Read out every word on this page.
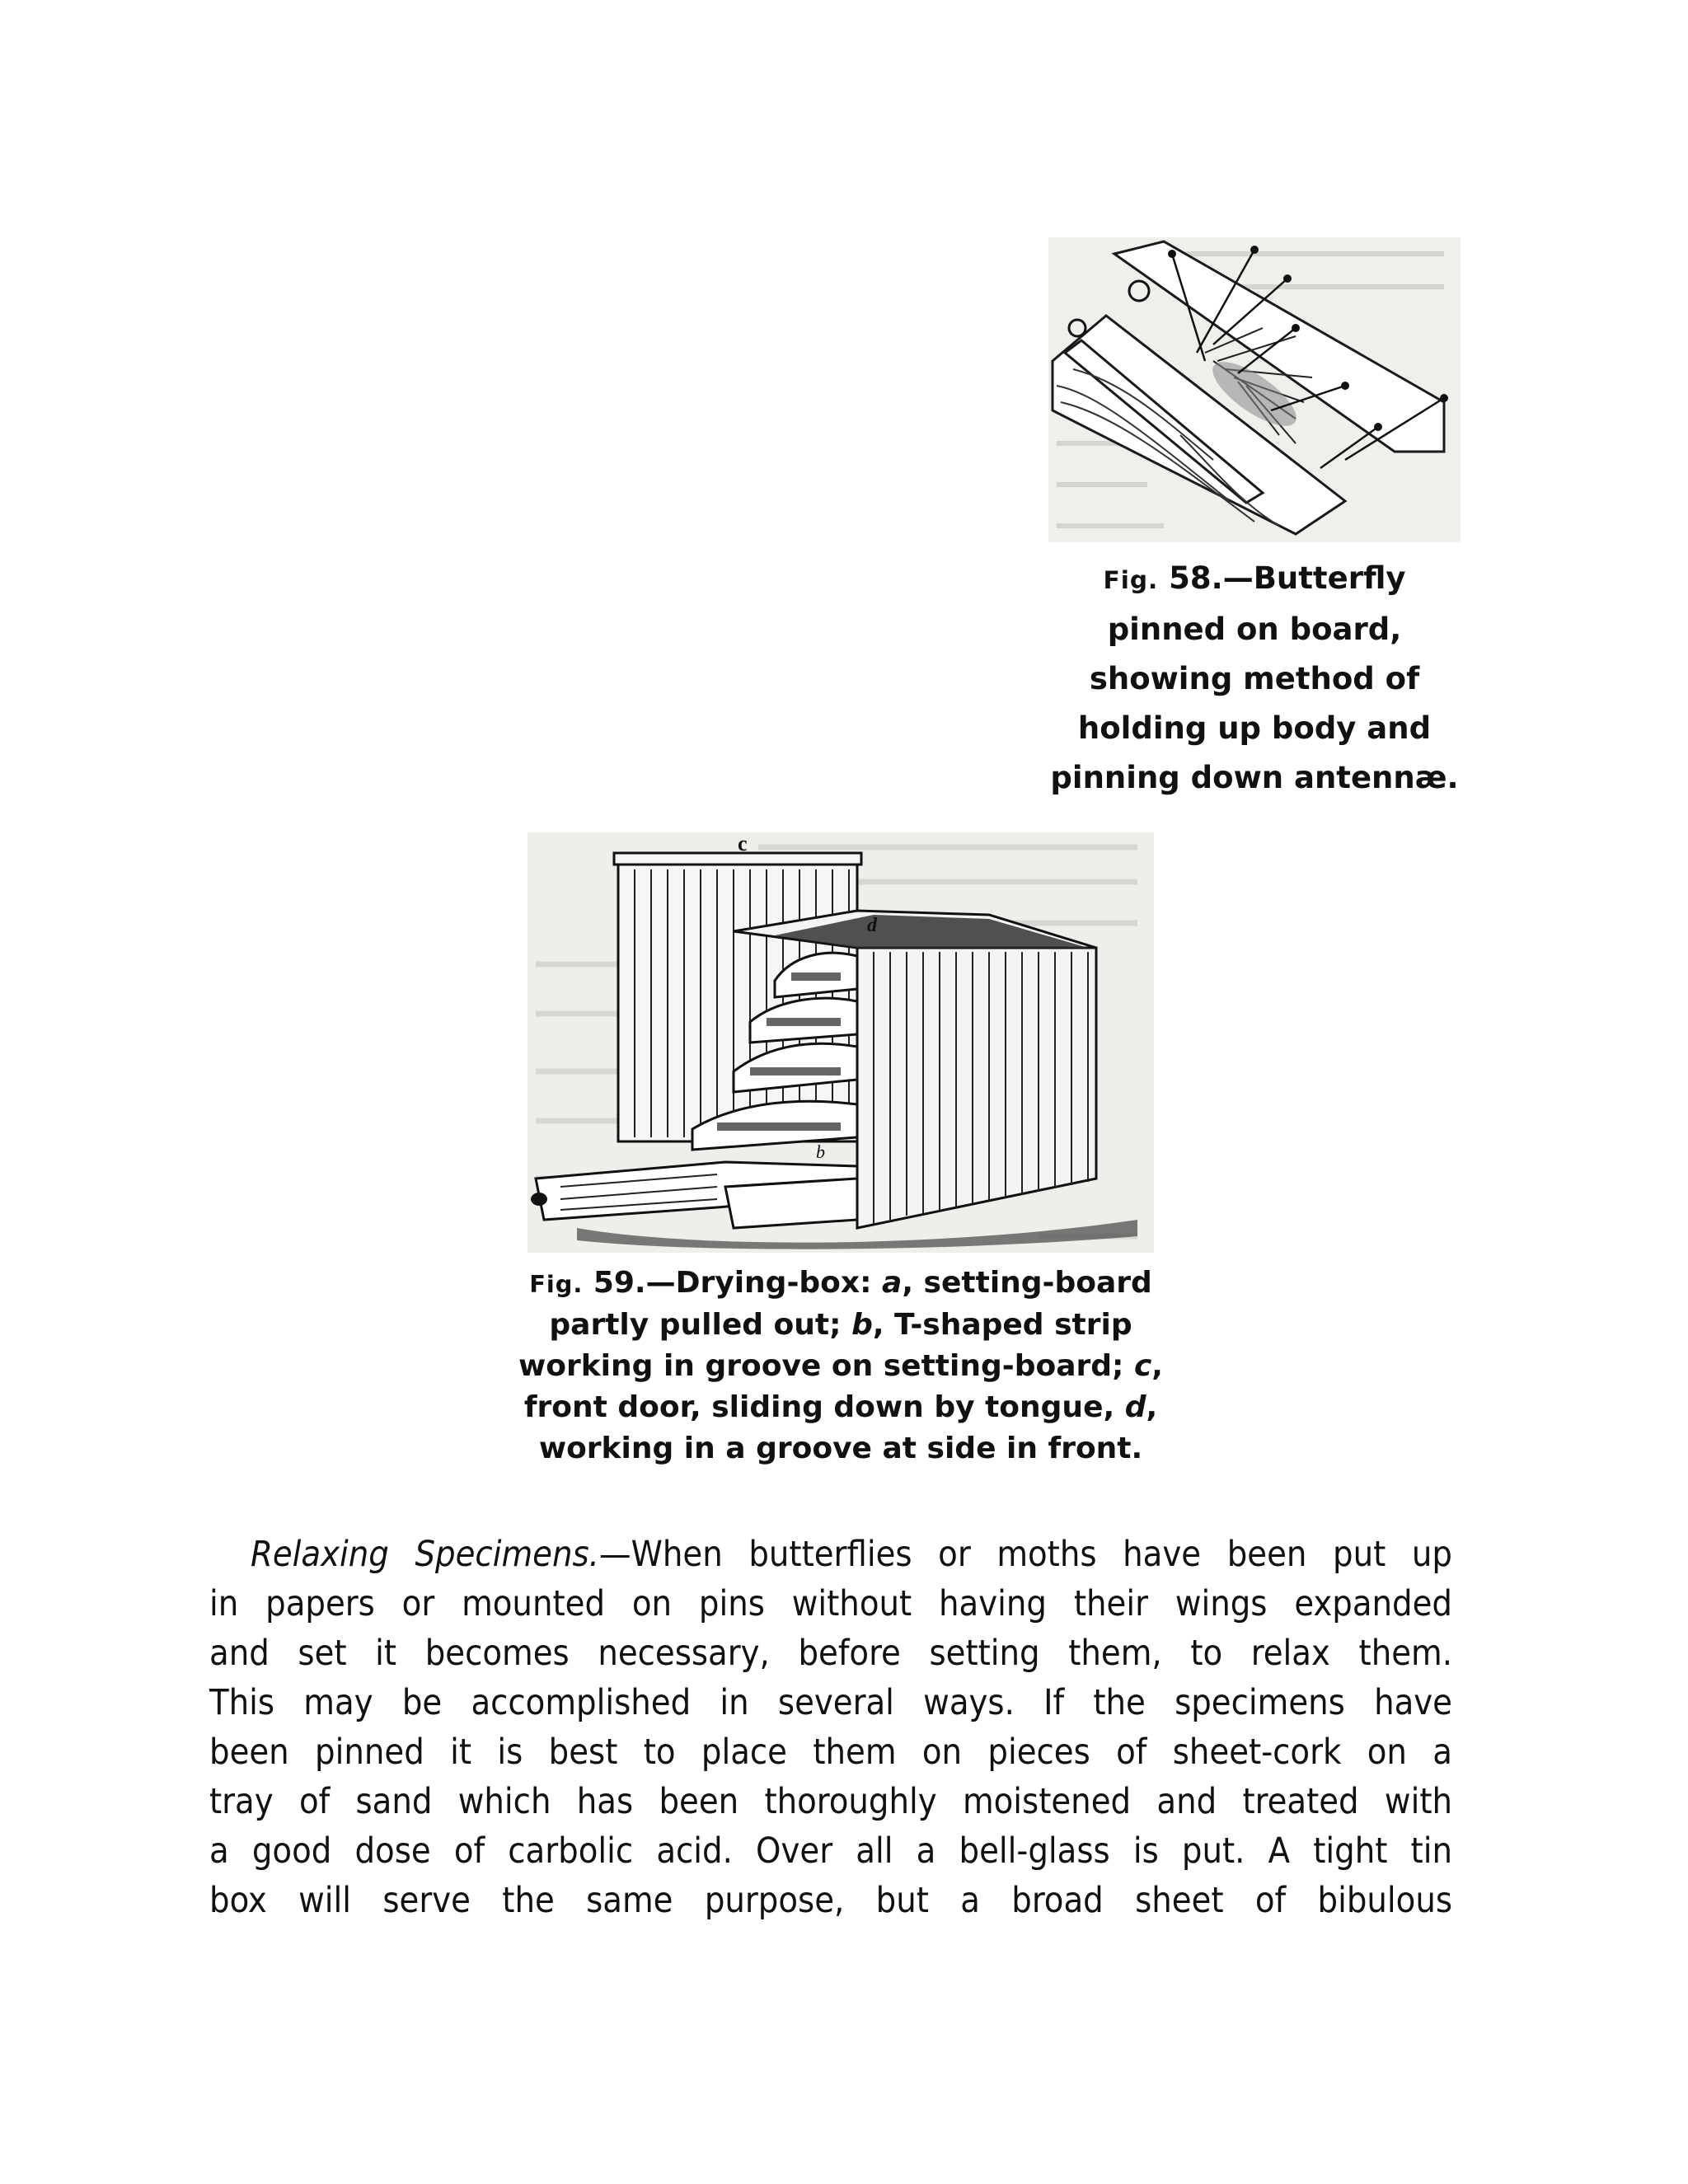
Fig. 58.—Butterfly pinned on board, showing method of holding up body and pinning down antennæ.
c
d
b
Fig. 59.—Drying-box: a, setting-board partly pulled out; b, T-shaped strip working in groove on setting-board; c, front door, sliding down by tongue, d, working in a groove at side in front.
Relaxing Specimens.—When butterflies or moths have been put up
in papers or mounted on pins without having their wings expanded
and set it becomes necessary, before setting them, to relax them.
This may be accomplished in several ways. If the specimens have
been pinned it is best to place them on pieces of sheet-cork on a
tray of sand which has been thoroughly moistened and treated with
a good dose of carbolic acid. Over all a bell-glass is put. A tight tin
box will serve the same purpose, but a broad sheet of bibulous
